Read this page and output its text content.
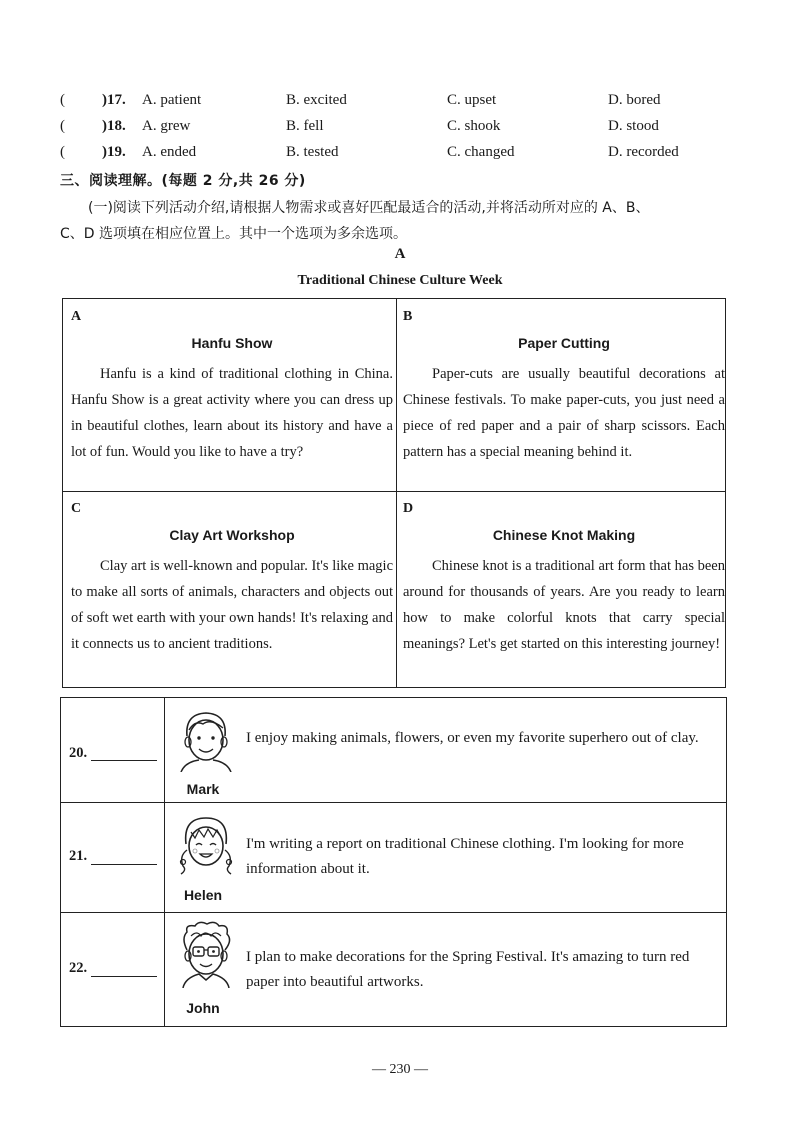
( )17. A. patient	B. excited	C. upset	D. bored
( )18. A. grew	B. fell	C. shook	D. stood
( )19. A. ended	B. tested	C. changed	D. recorded
三、阅读理解。(每题 2 分,共 26 分)
(一)阅读下列活动介绍,请根据人物需求或喜好匹配最适合的活动,并将活动所对应的 A、B、
C、D 选项填在相应位置上。其中一个选项为多余选项。
A
Traditional Chinese Culture Week
A
Hanfu Show
Hanfu is a kind of traditional clothing in China. Hanfu Show is a great activity where you can dress up in beautiful clothes, learn about its history and have a lot of fun. Would you like to have a try?
B
Paper Cutting
Paper-cuts are usually beautiful decorations at Chinese festivals. To make paper-cuts, you just need a piece of red paper and a pair of sharp scissors. Each pattern has a special meaning behind it.
C
Clay Art Workshop
Clay art is well-known and popular. It's like magic to make all sorts of animals, characters and objects out of soft wet earth with your own hands! It's relaxing and it connects us to ancient traditions.
D
Chinese Knot Making
Chinese knot is a traditional art form that has been around for thousands of years. Are you ready to learn how to make colorful knots that carry special meanings? Let's get started on this interesting journey!
20.
Mark
I enjoy making animals, flowers, or even my favorite superhero out of clay.
21.
Helen
I'm writing a report on traditional Chinese clothing. I'm looking for more information about it.
22.
John
I plan to make decorations for the Spring Festival. It's amazing to turn red paper into beautiful artworks.
— 230 —
